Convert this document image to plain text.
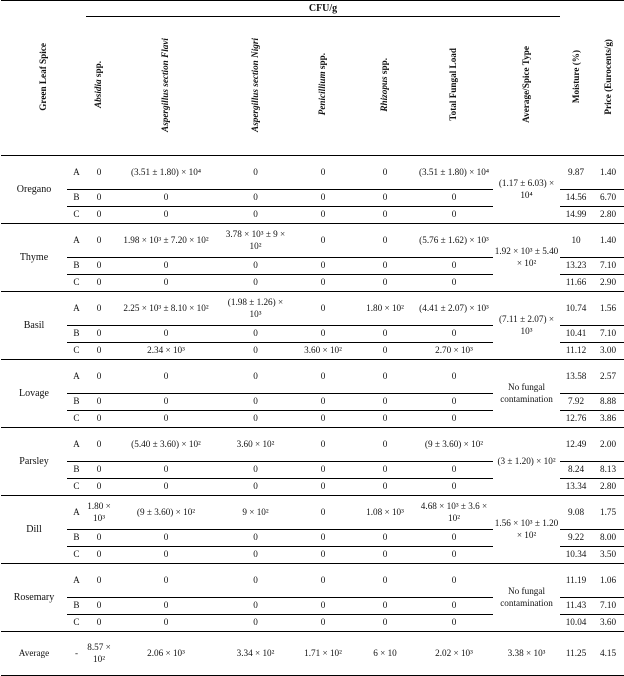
Green Leaf Spice		CFU/g							Moisture (%)	Price (Eurocents/g)
		Absidia spp.	Aspergillus section Flavi	Aspergillus section Nigri	Penicillium spp.	Rhizopus spp.	Total Fungal Load	Average/Spice Type		
Oregano	A	0	(3.51 ± 1.80) × 10⁴	0	0	0	(3.51 ± 1.80) × 10⁴	(1.17 ± 6.03) × 10⁴	9.87	1.40
	B	0	0	0	0	0	0		14.56	6.70
	C	0	0	0	0	0	0		14.99	2.80
Thyme	A	0	1.98 × 10³ ± 7.20 × 10²	3.78 × 10³ ± 9 × 10²	0	0	(5.76 ± 1.62) × 10³	1.92 × 10³ ± 5.40 × 10²	10	1.40
	B	0	0	0	0	0	0		13.23	7.10
	C	0	0	0	0	0	0		11.66	2.90
Basil	A	0	2.25 × 10³ ± 8.10 × 10²	(1.98 ± 1.26) × 10³	0	1.80 × 10²	(4.41 ± 2.07) × 10³	(7.11 ± 2.07) × 10³	10.74	1.56
	B	0	0	0	0	0	0		10.41	7.10
	C	0	2.34 × 10³	0	3.60 × 10²	0	2.70 × 10³		11.12	3.00
Lovage	A	0	0	0	0	0	0	No fungal contamination	13.58	2.57
	B	0	0	0	0	0	0		7.92	8.88
	C	0	0	0	0	0	0		12.76	3.86
Parsley	A	0	(5.40 ± 3.60) × 10²	3.60 × 10²	0	0	(9 ± 3.60) × 10²	(3 ± 1.20) × 10²	12.49	2.00
	B	0	0	0	0	0	0		8.24	8.13
	C	0	0	0	0	0	0		13.34	2.80
Dill	A	1.80 × 10³	(9 ± 3.60) × 10²	9 × 10²	0	1.08 × 10³	4.68 × 10³ ± 3.6 × 10²	1.56 × 10³ ± 1.20 × 10²	9.08	1.75
	B	0	0	0	0	0	0		9.22	8.00
	C	0	0	0	0	0	0		10.34	3.50
Rosemary	A	0	0	0	0	0	0	No fungal contamination	11.19	1.06
	B	0	0	0	0	0	0		11.43	7.10
	C	0	0	0	0	0	0		10.04	3.60
Average	-	8.57 × 10²	2.06 × 10³	3.34 × 10²	1.71 × 10²	6 × 10	2.02 × 10³	3.38 × 10³	11.25	4.15
